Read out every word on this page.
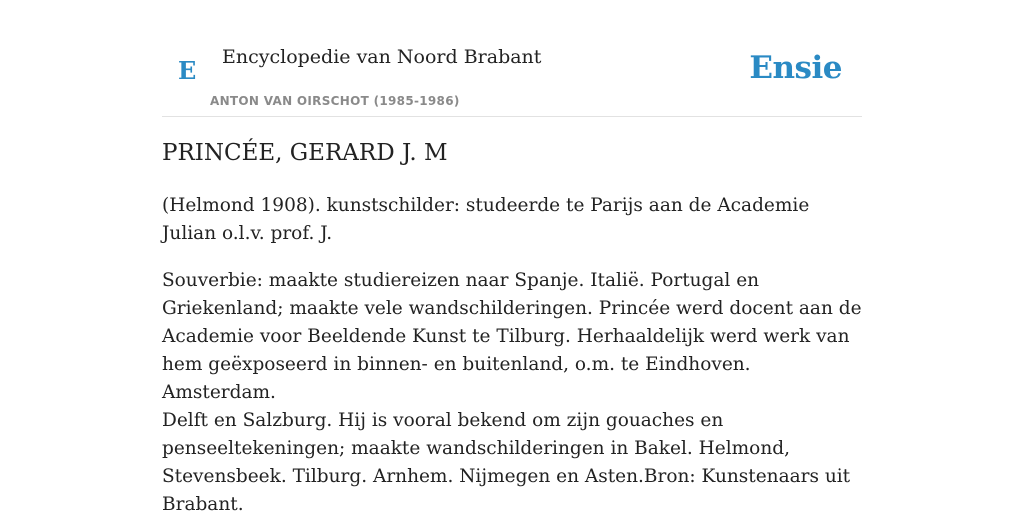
E Encyclopedie van Noord Brabant
ANTON VAN OIRSCHOT (1985-1986)
Ensie
PRINCÉE, GERARD J. M

(Helmond 1908). kunstschilder: studeerde te Parijs aan de Academie Julian o.l.v. prof. J.

Souverbie: maakte studiereizen naar Spanje. Italië. Portugal en Griekenland; maakte vele wandschilderingen. Princée werd docent aan de Academie voor Beeldende Kunst te Tilburg. Herhaaldelijk werd werk van hem geëxposeerd in binnen- en buitenland, o.m. te Eindhoven. Amsterdam.

Delft en Salzburg. Hij is vooral bekend om zijn gouaches en penseeltekeningen; maakte wandschilderingen in Bakel. Helmond, Stevensbeek. Tilburg. Arnhem. Nijmegen en Asten.Bron: Kunstenaars uit Brabant.
